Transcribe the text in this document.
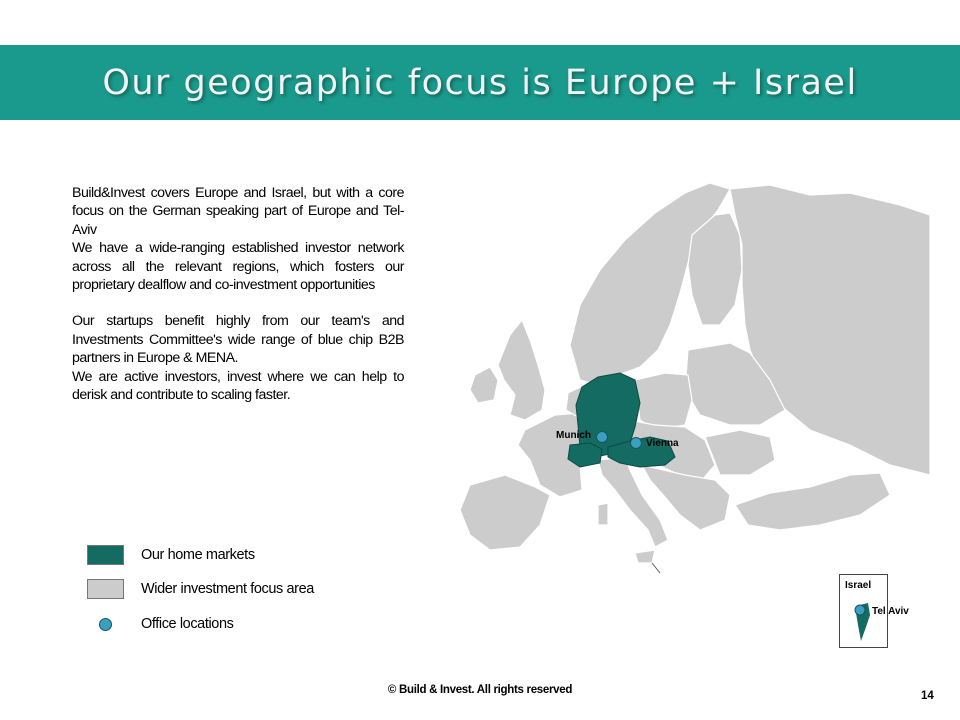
Our geographic focus is Europe + Israel

Build&Invest covers Europe and Israel, but with a core focus on the German speaking part of Europe and Tel-Aviv

We have a wide-ranging established investor network across all the relevant regions, which fosters our proprietary dealflow and co-investment opportunities

Our startups benefit highly from our team's and Investments Committee's wide range of blue chip B2B partners in Europe & MENA.

We are active investors, invest where we can help to derisk and contribute to scaling faster.

Munich
Vienna
Israel
Tel Aviv
Our home markets
Wider investment focus area
Office locations
© Build & Invest. All rights reserved	14
